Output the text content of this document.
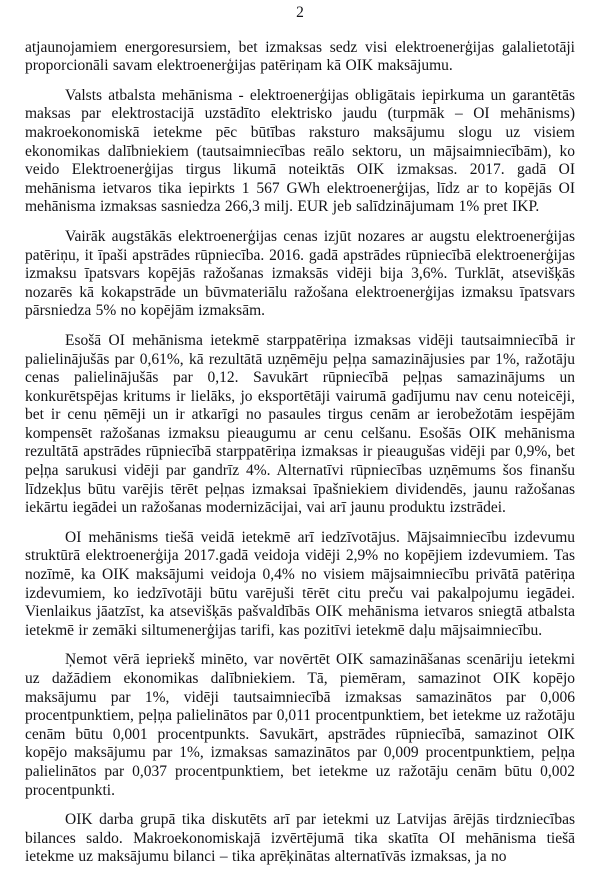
2

atjaunojamiem energoresursiem, bet izmaksas sedz visi elektroenerģijas galalietotāji proporcionāli savam elektroenerģijas patēriņam kā OIK maksājumu.

Valsts atbalsta mehānisma - elektroenerģijas obligātais iepirkuma un garantētās maksas par elektrostacijā uzstādīto elektrisko jaudu (turpmāk – OI mehānisms) makroekonomiskā ietekme pēc būtības raksturo maksājumu slogu uz visiem ekonomikas dalībniekiem (tautsaimniecības reālo sektoru, un mājsaimniecībām), ko veido Elektroenerģijas tirgus likumā noteiktās OIK izmaksas. 2017. gadā OI mehānisma ietvaros tika iepirkts 1 567 GWh elektroenerģijas, līdz ar to kopējās OI mehānisma izmaksas sasniedza 266,3 milj. EUR jeb salīdzinājumam 1% pret IKP.

Vairāk augstākās elektroenerģijas cenas izjūt nozares ar augstu elektroenerģijas patēriņu, it īpaši apstrādes rūpniecība. 2016. gadā apstrādes rūpniecībā elektroenerģijas izmaksu īpatsvars kopējās ražošanas izmaksās vidēji bija 3,6%. Turklāt, atsevišķās nozarēs kā kokapstrāde un būvmateriālu ražošana elektroenerģijas izmaksu īpatsvars pārsniedza 5% no kopējām izmaksām.

Esošā OI mehānisma ietekmē starppatēriņa izmaksas vidēji tautsaimniecībā ir palielinājušās par 0,61%, kā rezultātā uzņēmēju peļņa samazinājusies par 1%, ražotāju cenas palielinājušās par 0,12. Savukārt rūpniecībā peļņas samazinājums un konkurētspējas kritums ir lielāks, jo eksportētāji vairumā gadījumu nav cenu noteicēji, bet ir cenu ņēmēji un ir atkarīgi no pasaules tirgus cenām ar ierobežotām iespējām kompensēt ražošanas izmaksu pieaugumu ar cenu celšanu. Esošās OIK mehānisma rezultātā apstrādes rūpniecībā starppatēriņa izmaksas ir pieaugušas vidēji par 0,9%, bet peļņa sarukusi vidēji par gandrīz 4%. Alternatīvi rūpniecības uzņēmums šos finanšu līdzekļus būtu varējis tērēt peļņas izmaksai īpašniekiem dividendēs, jaunu ražošanas iekārtu iegādei un ražošanas modernizācijai, vai arī jaunu produktu izstrādei.

OI mehānisms tiešā veidā ietekmē arī iedzīvotājus. Mājsaimniecību izdevumu struktūrā elektroenerģija 2017.gadā veidoja vidēji 2,9% no kopējiem izdevumiem. Tas nozīmē, ka OIK maksājumi veidoja 0,4% no visiem mājsaimniecību privātā patēriņa izdevumiem, ko iedzīvotāji būtu varējuši tērēt citu preču vai pakalpojumu iegādei. Vienlaikus jāatzīst, ka atsevišķās pašvaldībās OIK mehānisma ietvaros sniegtā atbalsta ietekmē ir zemāki siltumenerģijas tarifi, kas pozitīvi ietekmē daļu mājsaimniecību.

Ņemot vērā iepriekš minēto, var novērtēt OIK samazināšanas scenāriju ietekmi uz dažādiem ekonomikas dalībniekiem. Tā, piemēram, samazinot OIK kopējo maksājumu par 1%, vidēji tautsaimniecībā izmaksas samazinātos par 0,006 procentpunktiem, peļņa palielinātos par 0,011 procentpunktiem, bet ietekme uz ražotāju cenām būtu 0,001 procentpunkts. Savukārt, apstrādes rūpniecībā, samazinot OIK kopējo maksājumu par 1%, izmaksas samazinātos par 0,009 procentpunktiem, peļņa palielinātos par 0,037 procentpunktiem, bet ietekme uz ražotāju cenām būtu 0,002 procentpunkti.

OIK darba grupā tika diskutēts arī par ietekmi uz Latvijas ārējās tirdzniecības bilances saldo. Makroekonomiskajā izvērtējumā tika skatīta OI mehānisma tiešā ietekme uz maksājumu bilanci – tika aprēķinātas alternatīvās izmaksas, ja no
